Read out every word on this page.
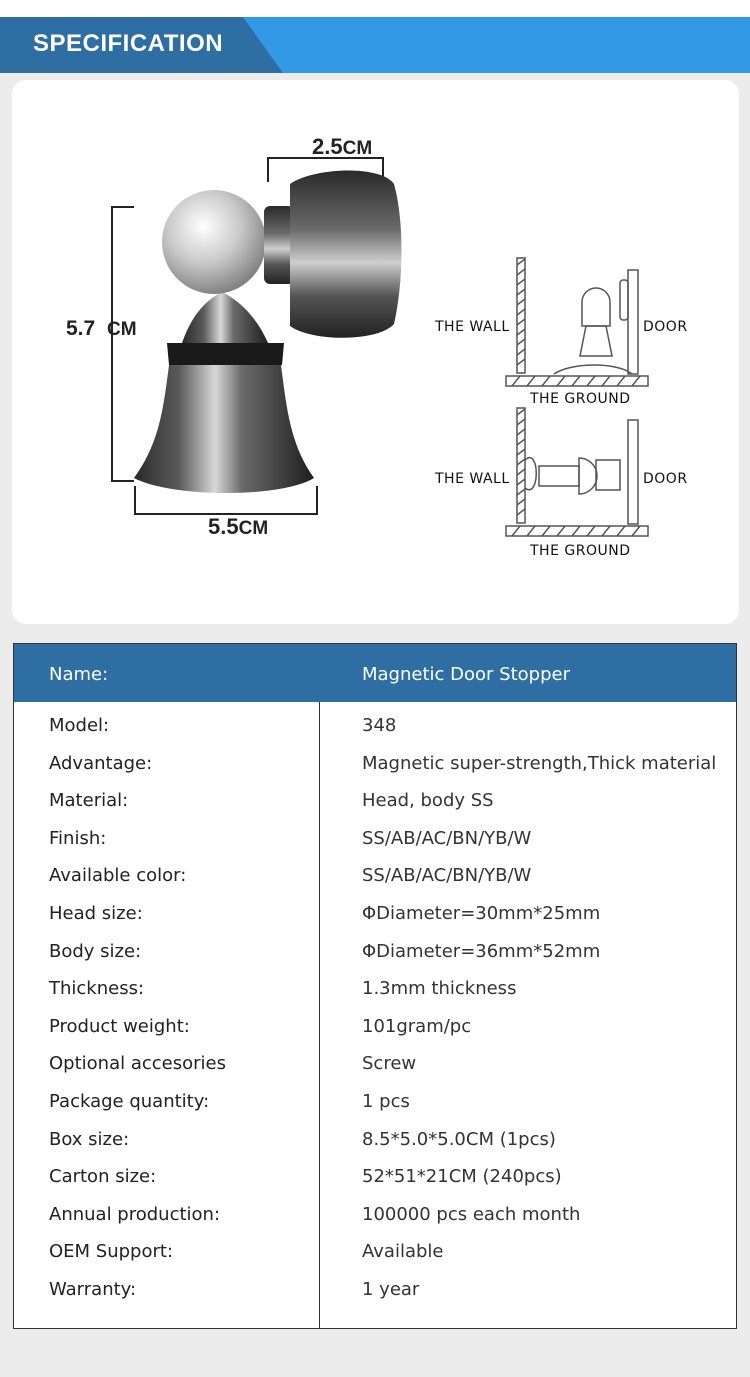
SPECIFICATION
2.5CM
5.7 CM
5.5CM
THE WALL	DOOR
THE GROUND
THE WALL	DOOR
THE GROUND
Name:	Magnetic Door Stopper
Model:	348
Advantage:	Magnetic super-strength,Thick material
Material:	Head, body SS
Finish:	SS/AB/AC/BN/YB/W
Available color:	SS/AB/AC/BN/YB/W
Head size:	ΦDiameter=30mm*25mm
Body size:	ΦDiameter=36mm*52mm
Thickness:	1.3mm thickness
Product weight:	101gram/pc
Optional accesories	Screw
Package quantity:	1 pcs
Box size:	8.5*5.0*5.0CM (1pcs)
Carton size:	52*51*21CM (240pcs)
Annual production:	100000 pcs each month
OEM Support:	Available
Warranty:	1 year
